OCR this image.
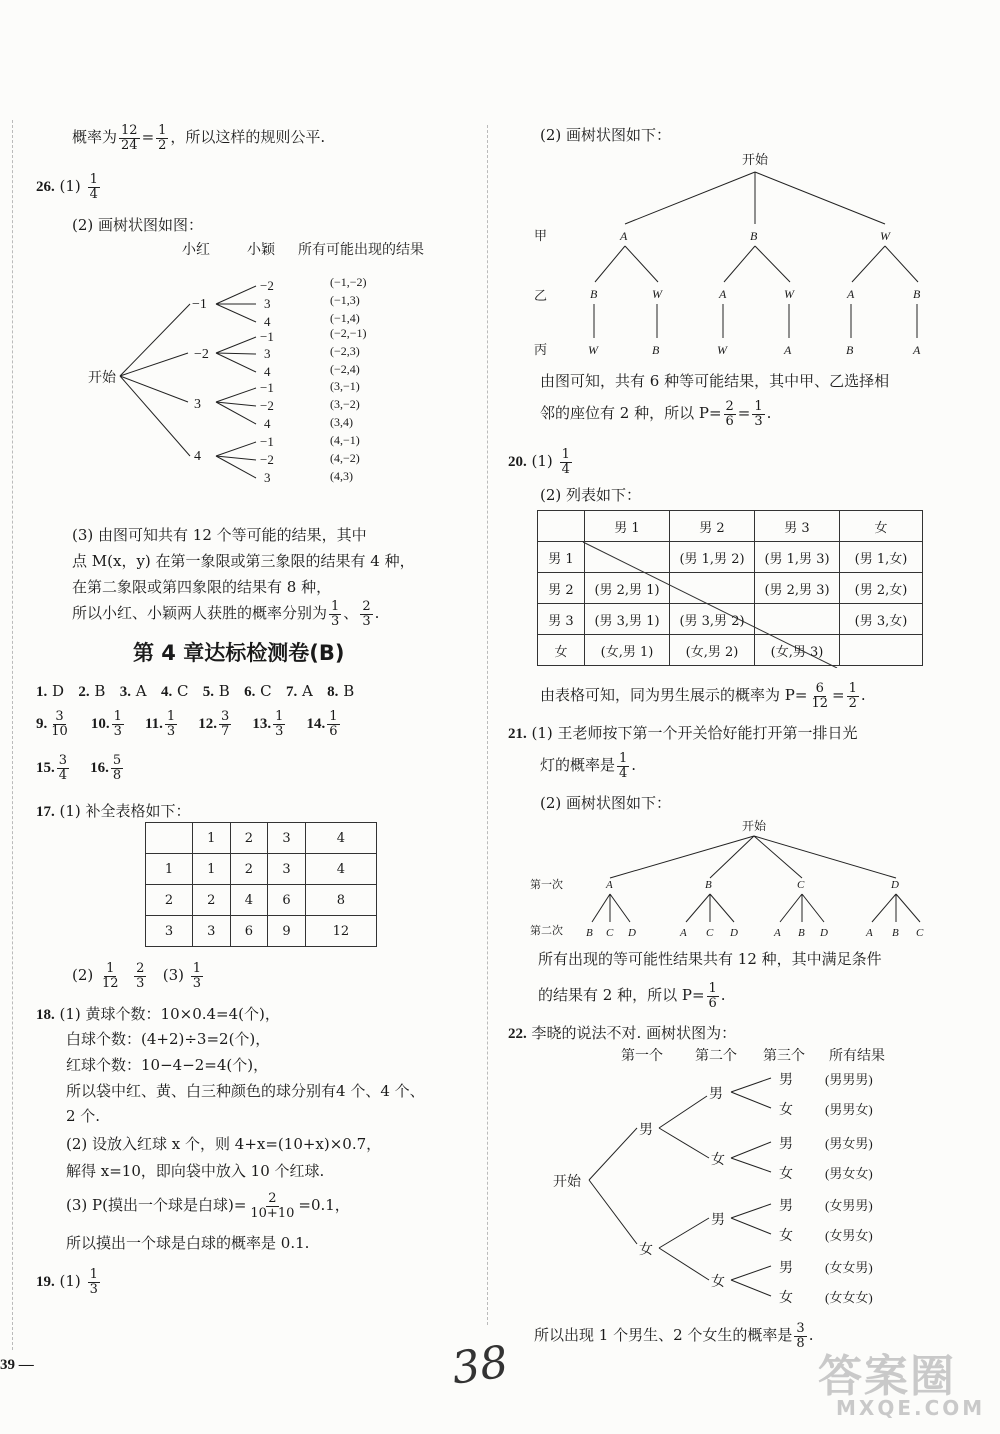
概率为 $\frac{12}{24} = \frac{1}{2}$ ，所以这样的规则公平.
26. $(1) \frac{1}{4}$
(2) 画树状图如图：
小红	小颖 所有可能出现的结果
开始
−1
−2
3
4
−2
3
4
−1
3
4
−1
−2
4
−1
−2
3
(−1,−2)
(−1,3)
(−1,4)
(−2,−1)
(−2,3)
(−2,4)
(3,−1)
(3,−2)
(3,4)
(4,−1)
(4,−2)
(4,3)
(3) 由图可知共有 12 个等可能的结果，其中
点 M(x，y) 在第一象限或第三象限的结果有 4 种，
在第二象限或第四象限的结果有 8 种，
所以小红、小颖两人获胜的概率分别为 $\frac{1}{3}$ 、 $\frac{2}{3}$ .
第 4 章达标检测卷(B)
1. D 2. B 3. A 4. C 5. B 6. C 7. A 8. B
9. $\frac{3}{10} 10$. $\frac{1}{3} 11$. $\frac{1}{3} 12$. $\frac{3}{7} 13$. $\frac{1}{3} 14$. $\frac{1}{6}$
15. $\frac{3}{4} 16$. $\frac{5}{8}$
17. (1) 补全表格如下：
	1	2	3	4
1	1	2	3	4
2	2	4	6	8
3	3	6	9	12
$(2) \frac{1}{12}$
$\frac{2}{3} (3) \frac{1}{3}$
18. (1) 黄球个数：10×0.4=4(个)，
白球个数：(4+2)÷3=2(个)，
红球个数：10−4−2=4(个)，
所以袋中红、黄、白三种颜色的球分别有4 个、4 个、
2 个.
(2) 设放入红球 x 个，则 4+x=(10+x)×0.7，
解得 x=10，即向袋中放入 10 个红球.
(3) P(摸出一个球是白球)= $\frac{2}{10+10} =0.1$，
所以摸出一个球是白球的概率是 0.1.
19. $(1) \frac{1}{3}$
39 —
(2) 画树状图如下：
开始
甲
乙
丙
A	B	W
B	W	A	W	A	B
W	B	W	A	B	A
由图可知，共有 6 种等可能结果，其中甲、乙选择相
邻的座位有 2 种，所以 $P= \frac{2}{6} = \frac{1}{3}$ .
20. $(1) \frac{1}{4}$
(2) 列表如下：
	男 1	男 2	男 3	女
男 1		(男 1,男 2)	(男 1,男 3)	(男 1,女)
男 2	(男 2,男 1)		(男 2,男 3)	(男 2,女)
男 3	(男 3,男 1)	(男 3,男 2)		(男 3,女)
女	(女,男 1)	(女,男 2)	(女,男 3)	
由表格可知，同为男生展示的概率为 $P= \frac{6}{12} = \frac{1}{2}$ .
21. (1) 王老师按下第一个开关恰好能打开第一排日光
灯的概率是 $\frac{1}{4}$ .
(2) 画树状图如下：
开始
第一次
第二次
A	B	C	D
B C D	A C D	A B D	A B C
所有出现的等可能性结果共有 12 种，其中满足条件
的结果有 2 种，所以 $P= \frac{1}{6}$ .
22. 李晓的说法不对. 画树状图为：
第一个 第二个 第三个 所有结果
开始
男
女
男
女
男
女
男
女
男
女
男
女
男
女
(男男男)
(男男女)
(男女男)
(男女女)
(女男男)
(女男女)
(女女男)
(女女女)
所以出现 1 个男生、2 个女生的概率是 $\frac{3}{8}$ .
38	答案圈
MXQE.COM
